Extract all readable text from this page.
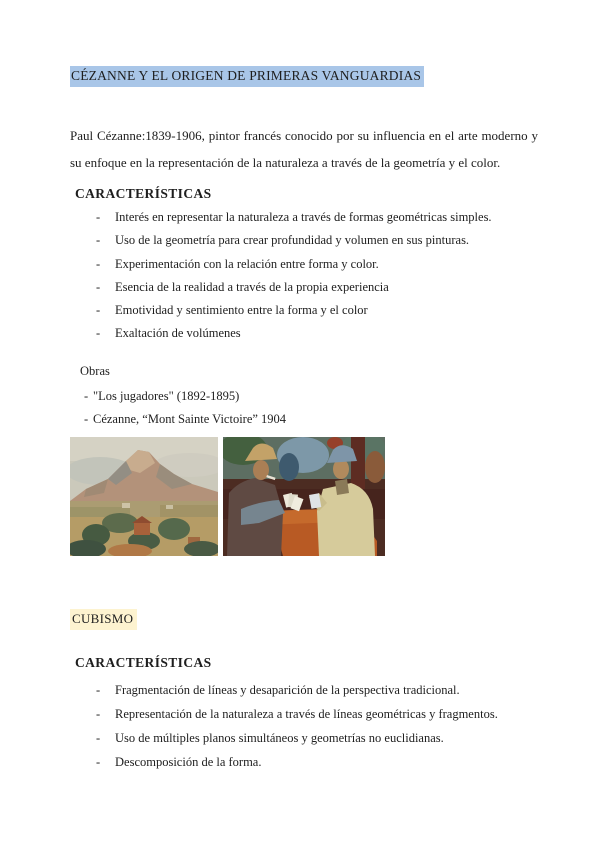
CÉZANNE Y EL ORIGEN DE PRIMERAS VANGUARDIAS

Paul Cézanne:1839-1906, pintor francés conocido por su influencia en el arte moderno y su enfoque en la representación de la naturaleza a través de la geometría y el color.

CARACTERÍSTICAS
-	Interés en representar la naturaleza a través de formas geométricas simples.
-	Uso de la geometría para crear profundidad y volumen en sus pinturas.
-	Experimentación con la relación entre forma y color.
-	Esencia de la realidad a través de la propia experiencia
-	Emotividad y sentimiento entre la forma y el color
-	Exaltación de volúmenes
Obras
- "Los jugadores" (1892-1895)
- Cézanne, “Mont Sainte Victoire” 1904
CUBISMO
CARACTERÍSTICAS
-	Fragmentación de líneas y desaparición de la perspectiva tradicional.
-	Representación de la naturaleza a través de líneas geométricas y fragmentos.
-	Uso de múltiples planos simultáneos y geometrías no euclidianas.
-	Descomposición de la forma.
